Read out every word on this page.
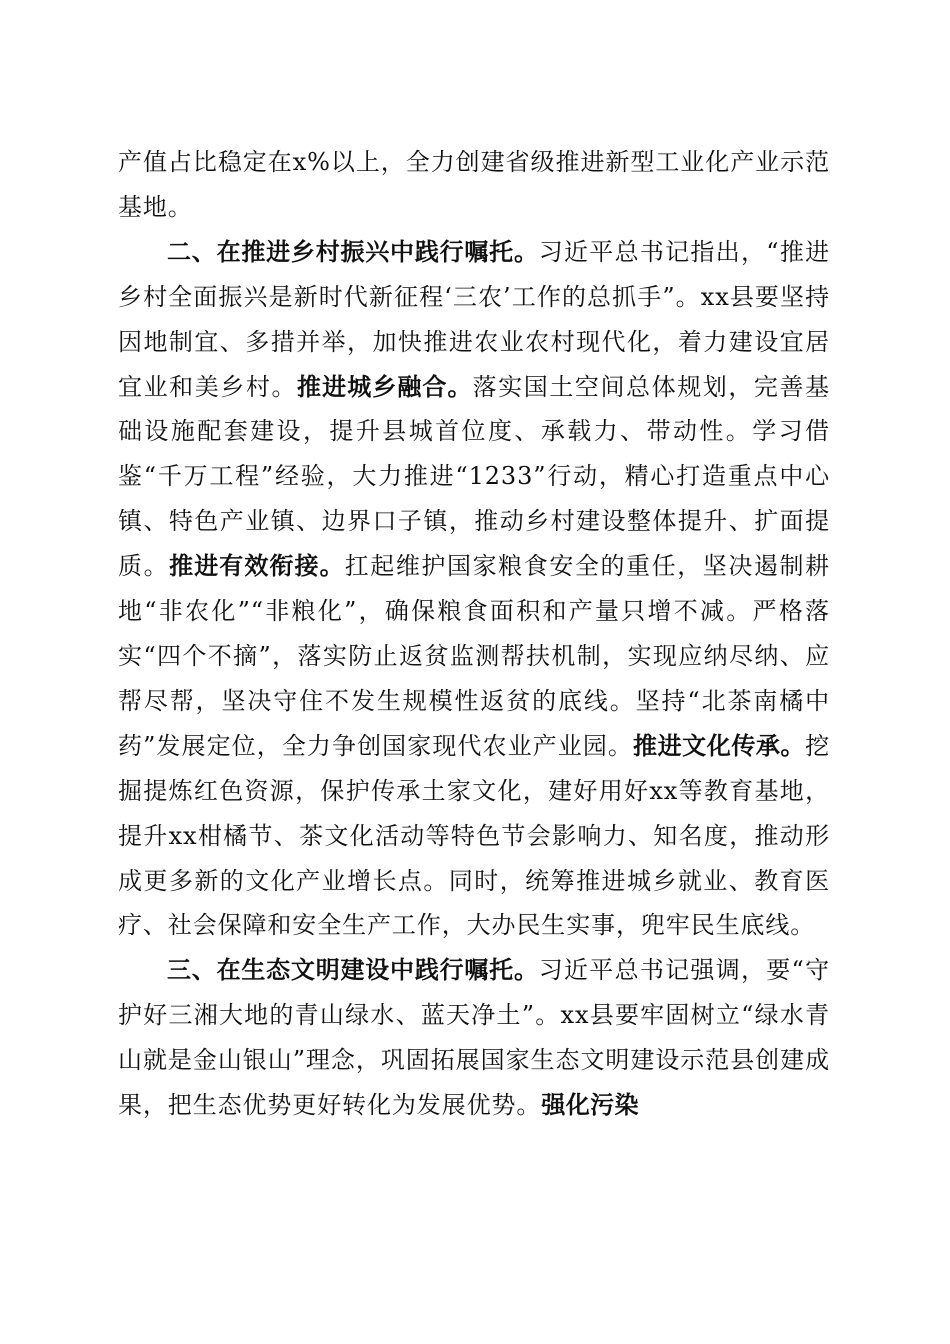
产值占比稳定在x%以上，全力创建省级推进新型工业化产业示范基地。

二、在推进乡村振兴中践行嘱托。习近平总书记指出，“推进乡村全面振兴是新时代新征程‘三农’工作的总抓手”。xx县要坚持因地制宜、多措并举，加快推进农业农村现代化，着力建设宜居宜业和美乡村。推进城乡融合。落实国土空间总体规划，完善基础设施配套建设，提升县城首位度、承载力、带动性。学习借鉴“千万工程”经验，大力推进“1233”行动，精心打造重点中心镇、特色产业镇、边界口子镇，推动乡村建设整体提升、扩面提质。推进有效衔接。扛起维护国家粮食安全的重任，坚决遏制耕地“非农化”“非粮化”，确保粮食面积和产量只增不减。严格落实“四个不摘”，落实防止返贫监测帮扶机制，实现应纳尽纳、应帮尽帮，坚决守住不发生规模性返贫的底线。坚持“北茶南橘中药”发展定位，全力争创国家现代农业产业园。推进文化传承。挖掘提炼红色资源，保护传承土家文化，建好用好xx等教育基地，提升xx柑橘节、茶文化活动等特色节会影响力、知名度，推动形成更多新的文化产业增长点。同时，统筹推进城乡就业、教育医疗、社会保障和安全生产工作，大办民生实事，兜牢民生底线。

三、在生态文明建设中践行嘱托。习近平总书记强调，要“守护好三湘大地的青山绿水、蓝天净土”。xx县要牢固树立“绿水青山就是金山银山”理念，巩固拓展国家生态文明建设示范县创建成果，把生态优势更好转化为发展优势。强化污染
